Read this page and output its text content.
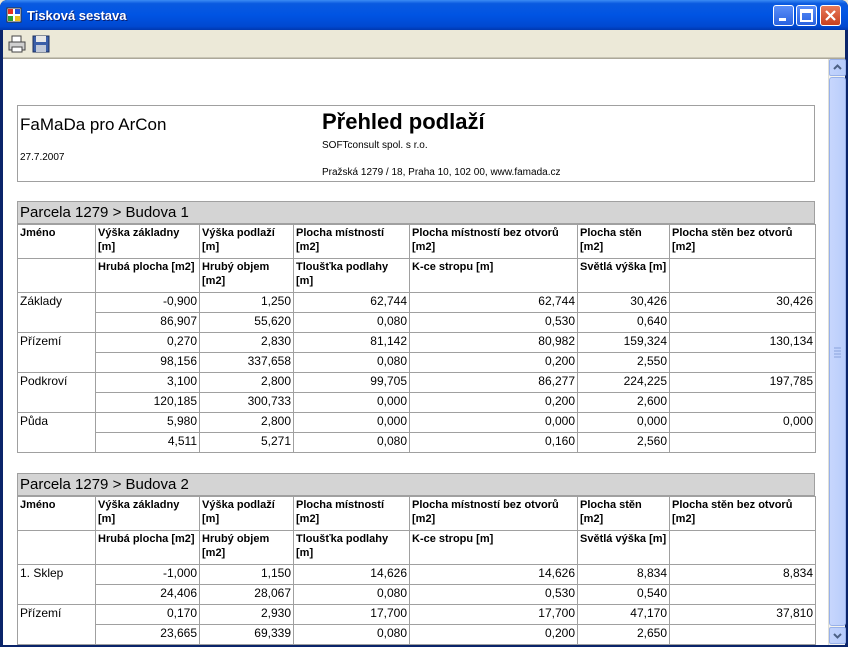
Tisková sestava
FaMaDa pro ArCon
27.7.2007
Přehled podlaží
SOFTconsult spol. s r.o.
Pražská 1279 / 18, Praha 10, 102 00, www.famada.cz
Parcela 1279 > Budova 1
Jméno	Výška základny [m]	Výška podlaží [m]	Plocha místností [m2]	Plocha místností bez otvorů [m2]	Plocha stěn [m2]	Plocha stěn bez otvorů [m2]
	Hrubá plocha [m2]	Hrubý objem [m2]	Tloušťka podlahy [m]	K-ce stropu [m]	Světlá výška [m]	
Základy	-0,900	1,250	62,744	62,744	30,426	30,426
	86,907	55,620	0,080	0,530	0,640	
Přízemí	0,270	2,830	81,142	80,982	159,324	130,134
	98,156	337,658	0,080	0,200	2,550	
Podkroví	3,100	2,800	99,705	86,277	224,225	197,785
	120,185	300,733	0,000	0,200	2,600	
Půda	5,980	2,800	0,000	0,000	0,000	0,000
	4,511	5,271	0,080	0,160	2,560	
Parcela 1279 > Budova 2
Jméno	Výška základny [m]	Výška podlaží [m]	Plocha místností [m2]	Plocha místností bez otvorů [m2]	Plocha stěn [m2]	Plocha stěn bez otvorů [m2]
	Hrubá plocha [m2]	Hrubý objem [m2]	Tloušťka podlahy [m]	K-ce stropu [m]	Světlá výška [m]	
1. Sklep	-1,000	1,150	14,626	14,626	8,834	8,834
	24,406	28,067	0,080	0,530	0,540	
Přízemí	0,170	2,930	17,700	17,700	47,170	37,810
	23,665	69,339	0,080	0,200	2,650	
